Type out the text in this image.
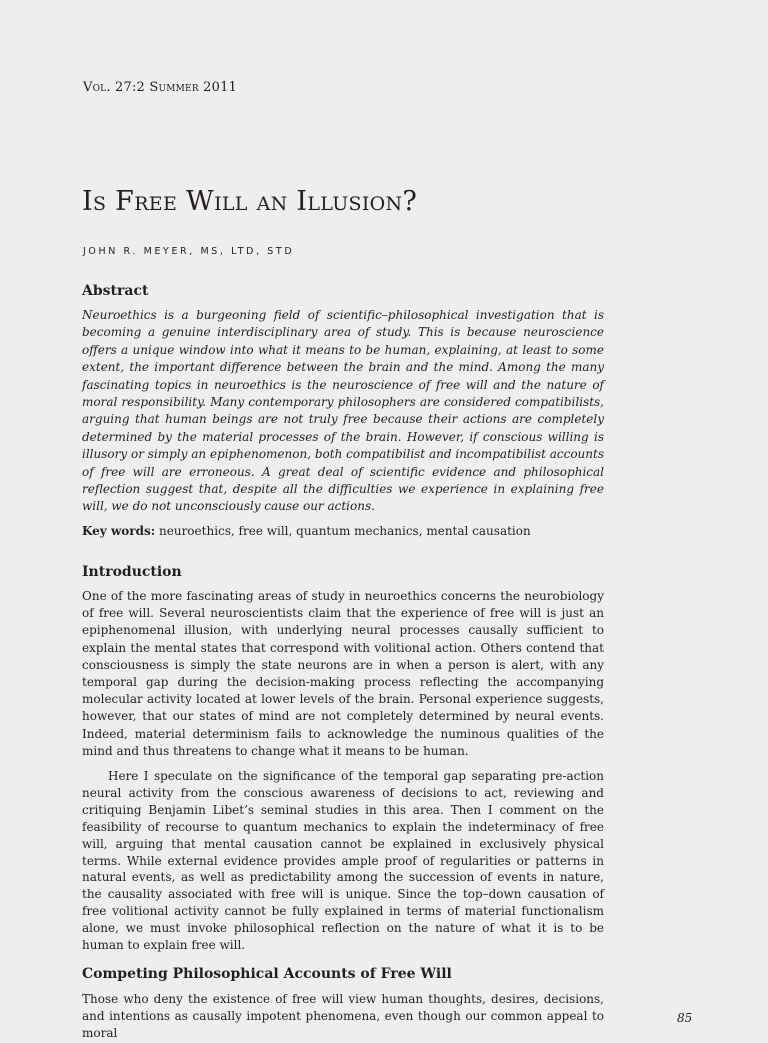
Vol. 27:2 Summer 2011
Is Free Will an Illusion?
JOHN R. MEYER, MS, LTD, STD
Abstract

Neuroethics is a burgeoning field of scientific–philosophical investigation that is becoming a genuine interdisciplinary area of study. This is because neuroscience offers a unique window into what it means to be human, explaining, at least to some extent, the important difference between the brain and the mind. Among the many fascinating topics in neuroethics is the neuroscience of free will and the nature of moral responsibility. Many contemporary philosophers are considered compatibilists, arguing that human beings are not truly free because their actions are completely determined by the material processes of the brain. However, if conscious willing is illusory or simply an epiphenomenon, both compatibilist and incompatibilist accounts of free will are erroneous. A great deal of scientific evidence and philosophical reflection suggest that, despite all the difficulties we experience in explaining free will, we do not unconsciously cause our actions.

Key words: neuroethics, free will, quantum mechanics, mental causation

Introduction

One of the more fascinating areas of study in neuroethics concerns the neurobiology of free will. Several neuroscientists claim that the experience of free will is just an epiphenomenal illusion, with underlying neural processes causally sufficient to explain the mental states that correspond with volitional action. Others contend that consciousness is simply the state neurons are in when a person is alert, with any temporal gap during the decision-making process reflecting the accompanying molecular activity located at lower levels of the brain. Personal experience suggests, however, that our states of mind are not completely determined by neural events. Indeed, material determinism fails to acknowledge the numinous qualities of the mind and thus threatens to change what it means to be human.

Here I speculate on the significance of the temporal gap separating pre-action neural activity from the conscious awareness of decisions to act, reviewing and critiquing Benjamin Libet’s seminal studies in this area. Then I comment on the feasibility of recourse to quantum mechanics to explain the indeterminacy of free will, arguing that mental causation cannot be explained in exclusively physical terms. While external evidence provides ample proof of regularities or patterns in natural events, as well as predictability among the succession of events in nature, the causality associated with free will is unique. Since the top–down causation of free volitional activity cannot be fully explained in terms of material functionalism alone, we must invoke philosophical reflection on the nature of what it is to be human to explain free will.

Competing Philosophical Accounts of Free Will

Those who deny the existence of free will view human thoughts, desires, decisions, and intentions as causally impotent phenomena, even though our common appeal to moral

85
